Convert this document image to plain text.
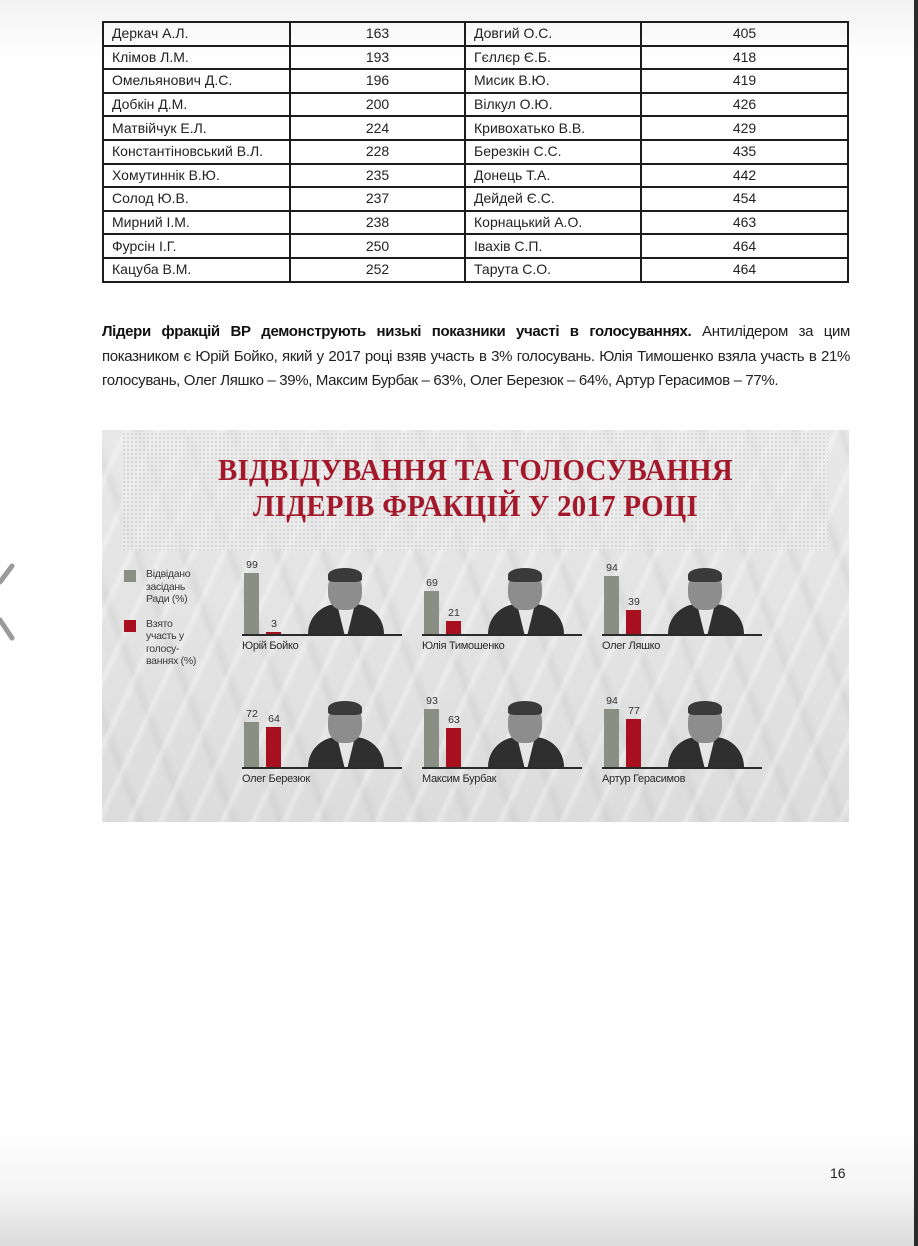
Деркач А.Л.	163	Довгий О.С.	405
Клімов Л.М.	193	Гєллєр Є.Б.	418
Омельянович Д.С.	196	Мисик В.Ю.	419
Добкін Д.М.	200	Вілкул О.Ю.	426
Матвійчук Е.Л.	224	Кривохатько В.В.	429
Константіновський В.Л.	228	Березкін С.С.	435
Хомутиннік В.Ю.	235	Донець Т.А.	442
Солод Ю.В.	237	Дейдей Є.С.	454
Мирний І.М.	238	Корнацький А.О.	463
Фурсін І.Г.	250	Івахів С.П.	464
Кацуба В.М.	252	Тарута С.О.	464

Лідери фракцій ВР демонструють низькі показники участі в голосуваннях. Антилідером за цим показником є Юрій Бойко, який у 2017 році взяв участь в 3% голосувань. Юлія Тимошенко взяла участь в 21% голосувань, Олег Ляшко – 39%, Максим Бурбак – 63%, Олег Березюк – 64%, Артур Герасимов – 77%.

ВІДВІДУВАННЯ ТА ГОЛОСУВАННЯ
ЛІДЕРІВ ФРАКЦІЙ У 2017 РОЦІ
Відвідано засідань Ради (%)
Взято участь у голосу-ваннях (%)
99
3
Юрій Бойко
69
21
Юлія Тимошенко
94
39
Олег Ляшко
72 64
Олег Березюк
93
63
Максим Бурбак
94
77
Артур Герасимов
16
